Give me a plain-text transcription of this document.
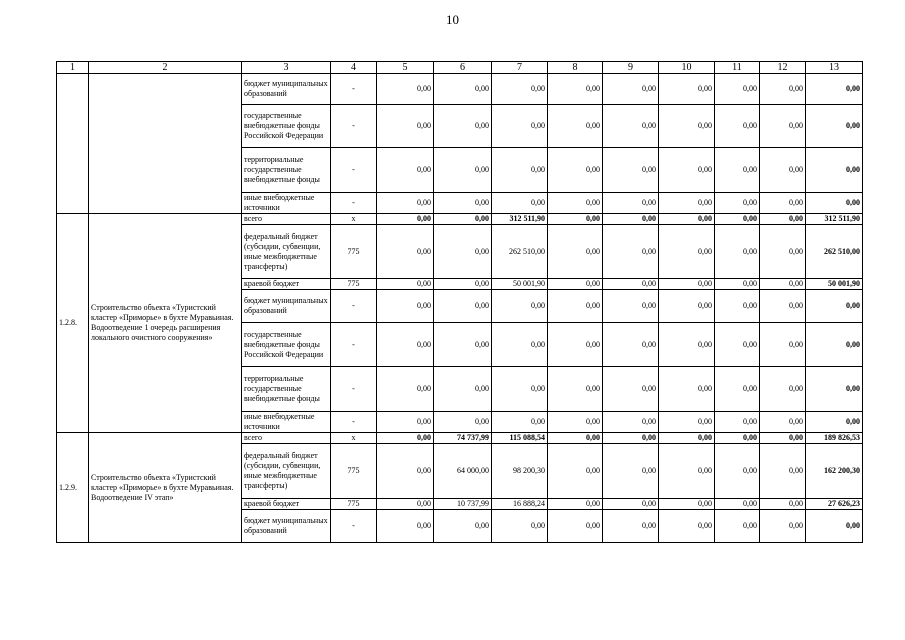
10
1	2	3	4	5	6	7	8	9	10	11	12	13
		бюджет муниципальных образований	-	0,00	0,00	0,00	0,00	0,00	0,00	0,00	0,00	0,00
		государственные внебюджетные фонды Российской Федерации	-	0,00	0,00	0,00	0,00	0,00	0,00	0,00	0,00	0,00
		территориальные государственные внебюджетные фонды	-	0,00	0,00	0,00	0,00	0,00	0,00	0,00	0,00	0,00
		иные внебюджетные источники	-	0,00	0,00	0,00	0,00	0,00	0,00	0,00	0,00	0,00
1.2.8.	Строительство объекта «Туристский кластер «Приморье» в бухте Муравьиная. Водоотведение 1 очередь расширения локального очистного сооружения»	всего	x	0,00	0,00	312 511,90	0,00	0,00	0,00	0,00	0,00	312 511,90
		федеральный бюджет (субсидии, субвенции, иные межбюджетные трансферты)	775	0,00	0,00	262 510,00	0,00	0,00	0,00	0,00	0,00	262 510,00
		краевой бюджет	775	0,00	0,00	50 001,90	0,00	0,00	0,00	0,00	0,00	50 001,90
		бюджет муниципальных образований	-	0,00	0,00	0,00	0,00	0,00	0,00	0,00	0,00	0,00
		государственные внебюджетные фонды Российской Федерации	-	0,00	0,00	0,00	0,00	0,00	0,00	0,00	0,00	0,00
		территориальные государственные внебюджетные фонды	-	0,00	0,00	0,00	0,00	0,00	0,00	0,00	0,00	0,00
		иные внебюджетные источники	-	0,00	0,00	0,00	0,00	0,00	0,00	0,00	0,00	0,00
1.2.9.	Строительство объекта «Туристский кластер «Приморье» в бухте Муравьиная. Водоотведение IV этап»	всего	x	0,00	74 737,99	115 088,54	0,00	0,00	0,00	0,00	0,00	189 826,53
		федеральный бюджет (субсидии, субвенции, иные межбюджетные трансферты)	775	0,00	64 000,00	98 200,30	0,00	0,00	0,00	0,00	0,00	162 200,30
		краевой бюджет	775	0,00	10 737,99	16 888,24	0,00	0,00	0,00	0,00	0,00	27 626,23
		бюджет муниципальных образований	-	0,00	0,00	0,00	0,00	0,00	0,00	0,00	0,00	0,00
